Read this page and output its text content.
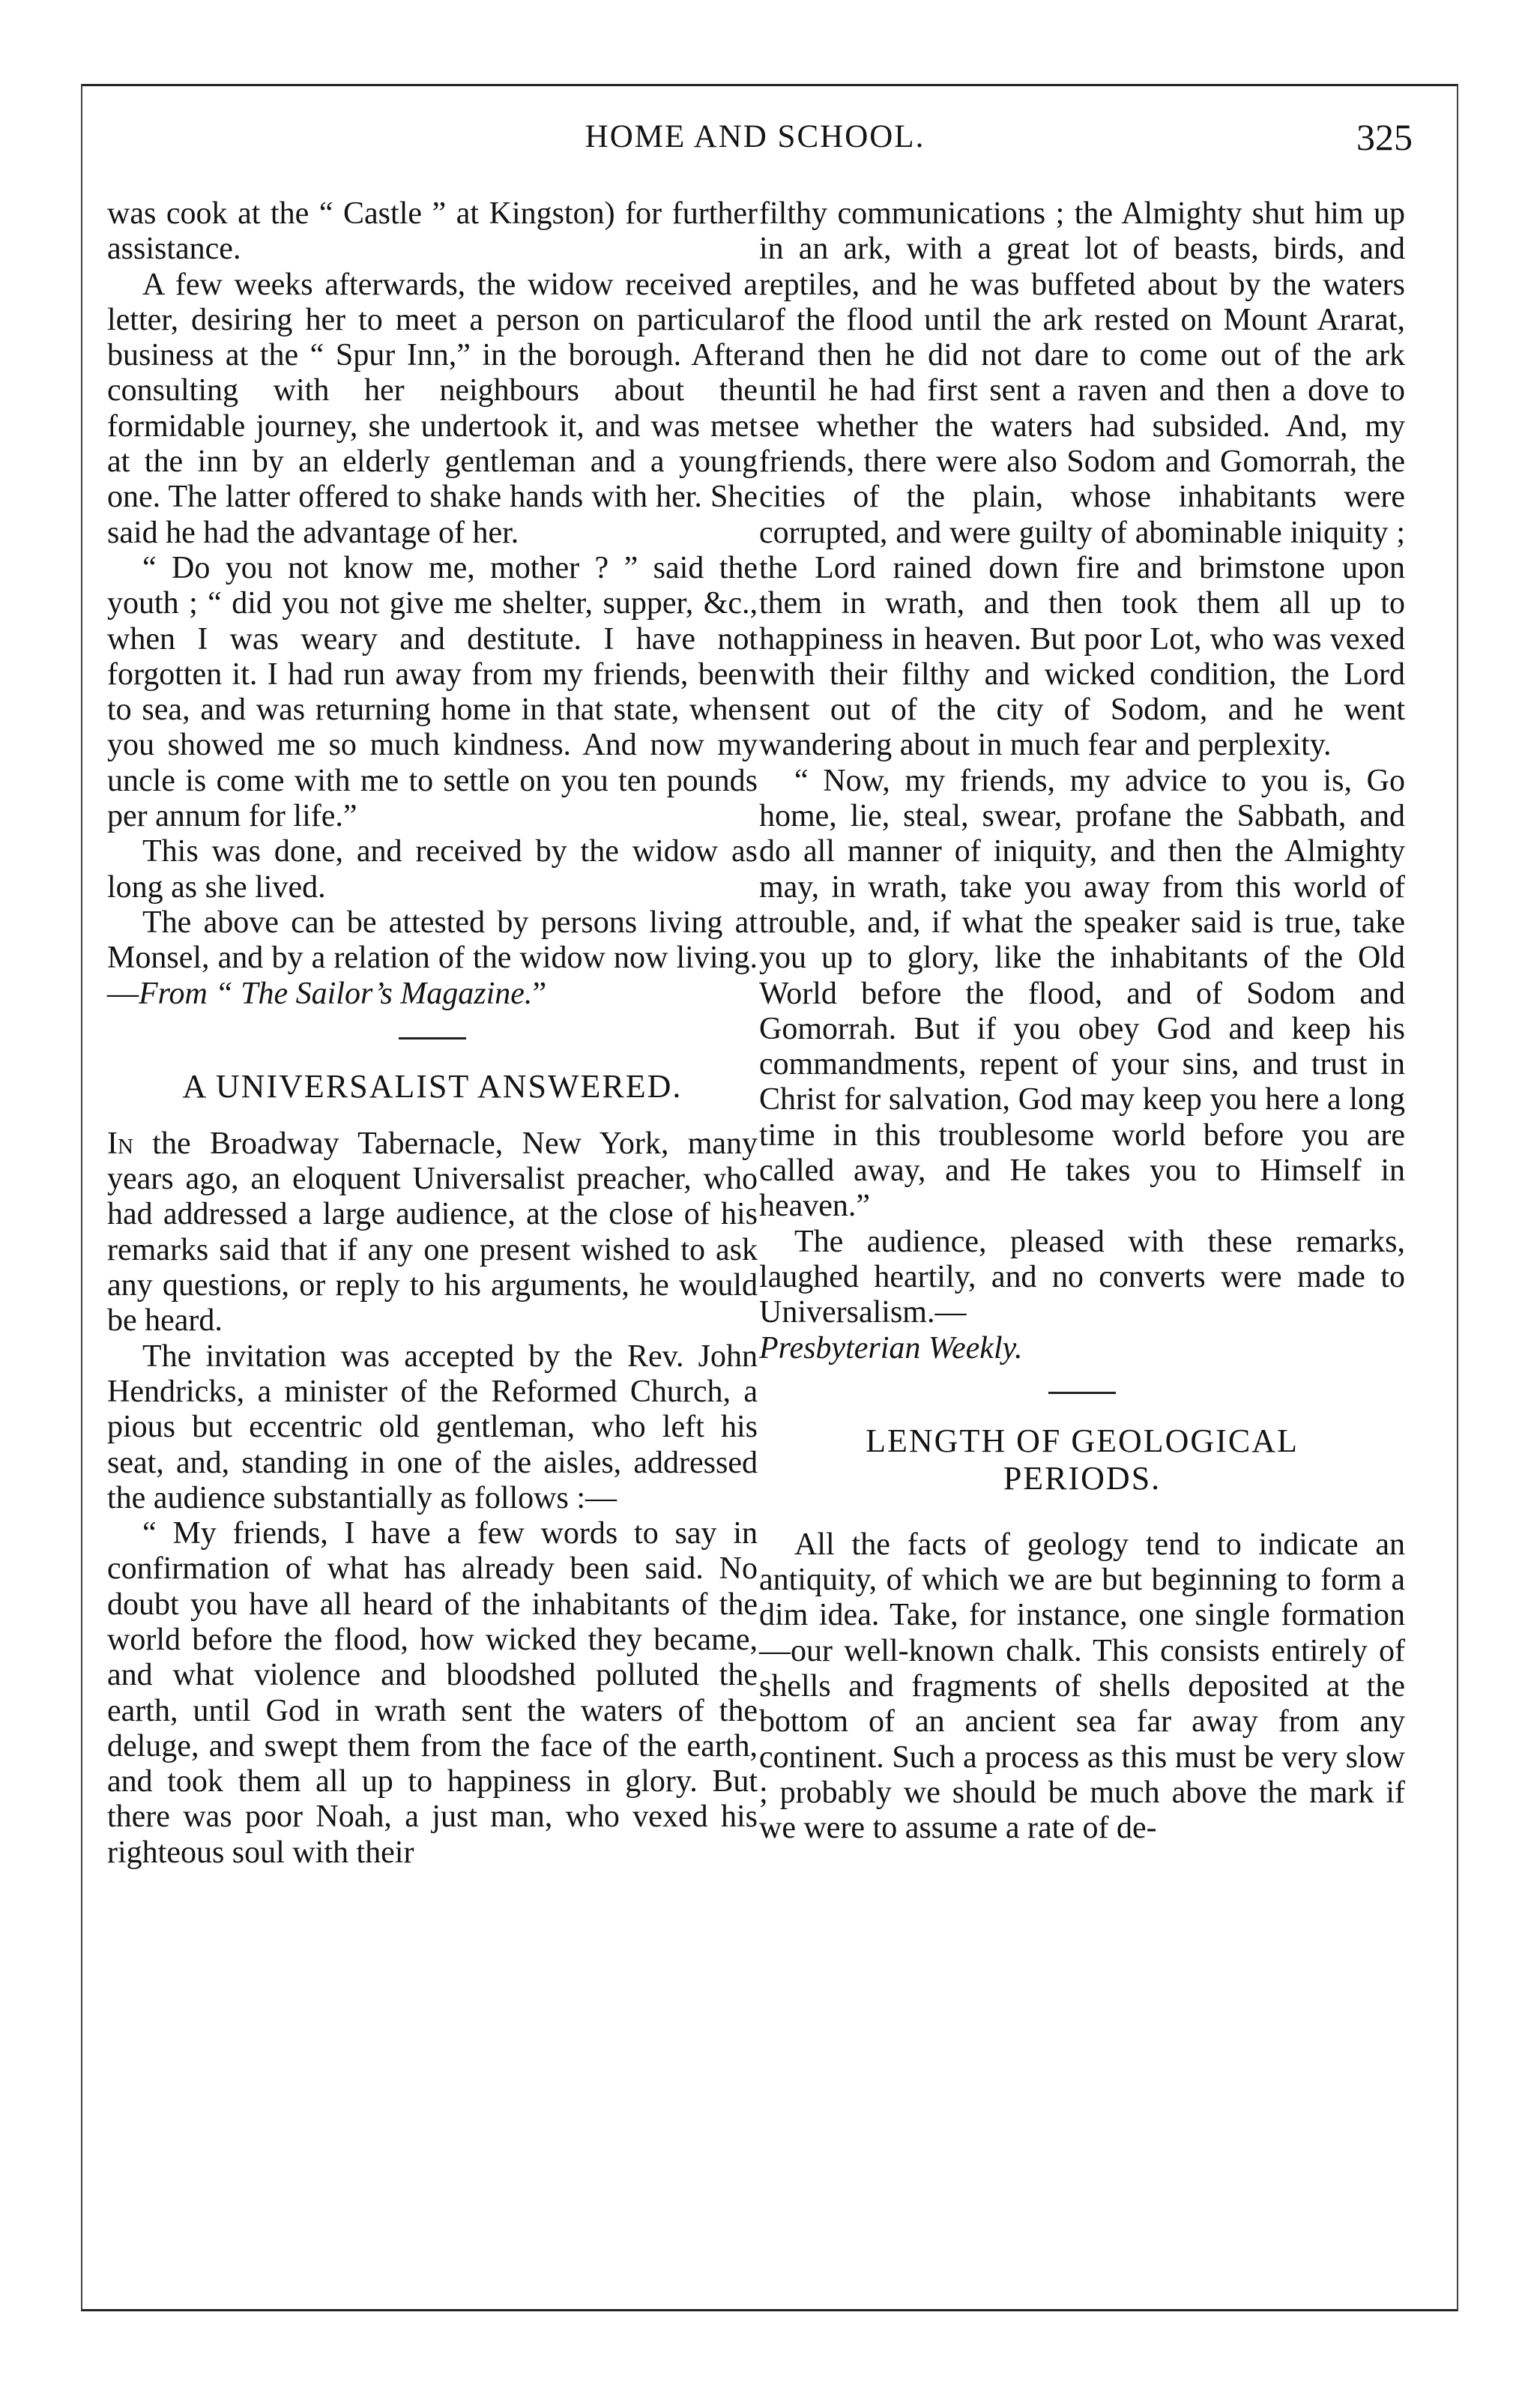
HOME AND SCHOOL.	325

was cook at the “ Castle ” at Kingston) for further assistance.

A few weeks afterwards, the widow received a letter, desiring her to meet a person on particular business at the “ Spur Inn,” in the borough. After consulting with her neighbours about the formidable journey, she undertook it, and was met at the inn by an elderly gentleman and a young one. The latter offered to shake hands with her. She said he had the advantage of her.

“ Do you not know me, mother ? ” said the youth ; “ did you not give me shelter, supper, &c., when I was weary and destitute. I have not forgotten it. I had run away from my friends, been to sea, and was returning home in that state, when you showed me so much kindness. And now my uncle is come with me to settle on you ten pounds per annum for life.”

This was done, and received by the widow as long as she lived.

The above can be attested by persons living at Monsel, and by a relation of the widow now living.—From “ The Sailor’s Magazine.”

A UNIVERSALIST ANSWERED.

In the Broadway Tabernacle, New York, many years ago, an eloquent Universalist preacher, who had addressed a large audience, at the close of his remarks said that if any one present wished to ask any questions, or reply to his arguments, he would be heard.

The invitation was accepted by the Rev. John Hendricks, a minister of the Reformed Church, a pious but eccentric old gentleman, who left his seat, and, standing in one of the aisles, addressed the audience substantially as follows :—

“ My friends, I have a few words to say in confirmation of what has already been said. No doubt you have all heard of the inhabitants of the world before the flood, how wicked they became, and what violence and bloodshed polluted the earth, until God in wrath sent the waters of the deluge, and swept them from the face of the earth, and took them all up to happiness in glory. But there was poor Noah, a just man, who vexed his righteous soul with their

filthy communications ; the Almighty shut him up in an ark, with a great lot of beasts, birds, and reptiles, and he was buffeted about by the waters of the flood until the ark rested on Mount Ararat, and then he did not dare to come out of the ark until he had first sent a raven and then a dove to see whether the waters had subsided. And, my friends, there were also Sodom and Gomorrah, the cities of the plain, whose inhabitants were corrupted, and were guilty of abominable iniquity ; the Lord rained down fire and brimstone upon them in wrath, and then took them all up to happiness in heaven. But poor Lot, who was vexed with their filthy and wicked condition, the Lord sent out of the city of Sodom, and he went wandering about in much fear and perplexity.

“ Now, my friends, my advice to you is, Go home, lie, steal, swear, profane the Sabbath, and do all manner of iniquity, and then the Almighty may, in wrath, take you away from this world of trouble, and, if what the speaker said is true, take you up to glory, like the inhabitants of the Old World before the flood, and of Sodom and Gomorrah. But if you obey God and keep his commandments, repent of your sins, and trust in Christ for salvation, God may keep you here a long time in this troublesome world before you are called away, and He takes you to Himself in heaven.”

The audience, pleased with these remarks, laughed heartily, and no converts were made to Universalism.—
Presbyterian Weekly.

LENGTH OF GEOLOGICAL
PERIODS.

All the facts of geology tend to indicate an antiquity, of which we are but beginning to form a dim idea. Take, for instance, one single formation—our well-known chalk. This consists entirely of shells and fragments of shells deposited at the bottom of an ancient sea far away from any continent. Such a process as this must be very slow ; probably we should be much above the mark if we were to assume a rate of de-
